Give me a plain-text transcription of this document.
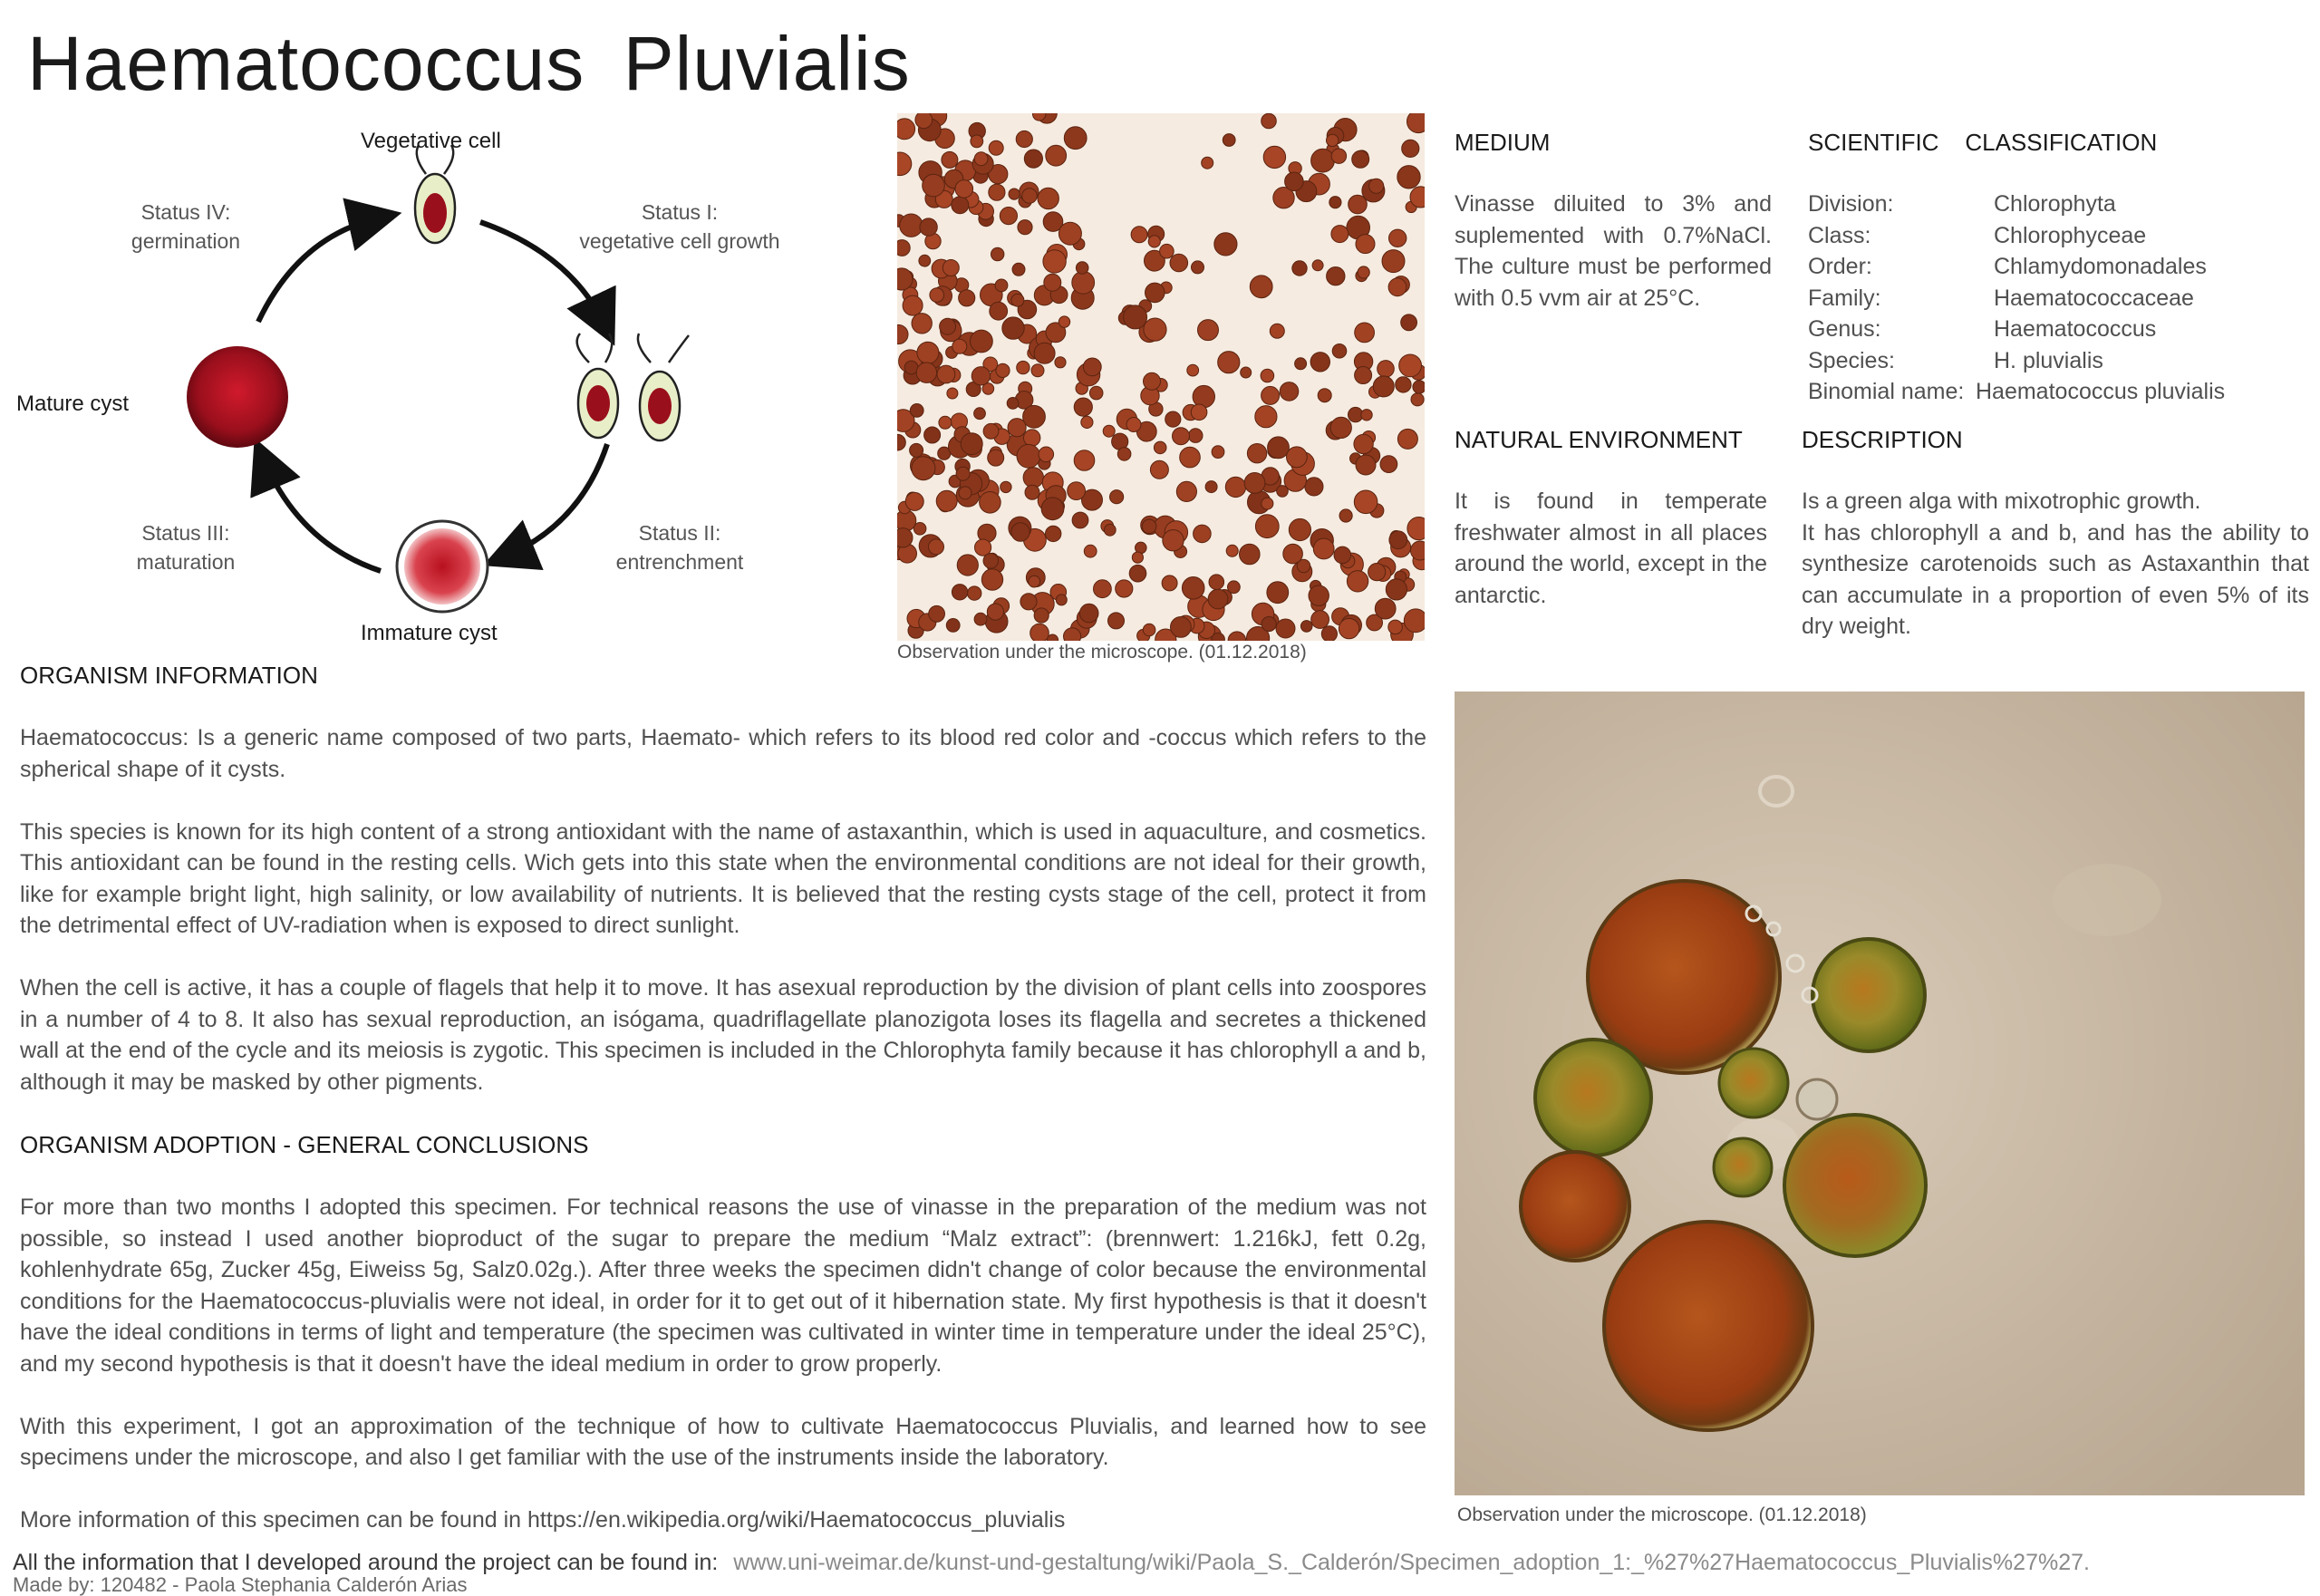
Haematococcus Pluvialis
Vegetative cell
Status I:
vegetative cell growth
Status IV:
germination
Mature cyst
Status III:
maturation
Status II:
entrenchment
Immature cyst
Observation under the microscope. (01.12.2018)
MEDIUM
Vinasse diluited to 3% and suplemented with 0.7%NaCl. The culture must be performed with 0.5 vvm air at 25°C.
SCIENTIFIC    CLASSIFICATION
Division:	Chlorophyta
Class:	Chlorophyceae
Order:	Chlamydomonadales
Family:	Haematococcaceae
Genus:	Haematococcus
Species:	H. pluvialis
Binomial name: Haematococcus pluvialis
NATURAL ENVIRONMENT
It is found in temperate freshwater almost in all places around the world, except in the antarctic.
DESCRIPTION
Is a green alga with mixotrophic growth.
It has chlorophyll a and b, and has the ability to synthesize carotenoids such as Astaxanthin that can accumulate in a proportion of even 5% of its dry weight.
Observation under the microscope. (01.12.2018)
ORGANISM INFORMATION

Haematococcus: Is a generic name composed of two parts, Haemato- which refers to its blood red color and -coccus which refers to the spherical shape of it cysts.

This species is known for its high content of a strong antioxidant with the name of astaxanthin, which is used in aquaculture, and cosmetics. This antioxidant can be found in the resting cells. Wich gets into this state when the environmental conditions are not ideal for their growth, like for example bright light, high salinity, or low availability of nutrients. It is believed that the resting cysts stage of the cell, protect it from the detrimental effect of UV-radiation when is exposed to direct sunlight.

When the cell is active, it has a couple of flagels that help it to move. It has asexual reproduction by the division of plant cells into zoospores in a number of 4 to 8. It also has sexual reproduction, an isógama, quadriflagellate planozigota loses its flagella and secretes a thickened wall at the end of the cycle and its meiosis is zygotic. This specimen is included in the Chlorophyta family because it has chlorophyll a and b, although it may be masked by other pigments.

ORGANISM ADOPTION - GENERAL CONCLUSIONS

For more than two months I adopted this specimen. For technical reasons the use of vinasse in the preparation of the medium was not possible, so instead I used another bioproduct of the sugar to prepare the medium “Malz extract”: (brennwert: 1.216kJ, fett 0.2g, kohlenhydrate 65g, Zucker 45g, Eiweiss 5g, Salz0.02g.). After three weeks the specimen didn't change of color because the environmental conditions for the Haematococcus-pluvialis were not ideal, in order for it to get out of it hibernation state. My first hypothesis is that it doesn't have the ideal conditions in terms of light and temperature (the specimen was cultivated in winter time in temperature under the ideal 25°C), and my second hypothesis is that it doesn't have the ideal medium in order to grow properly.

With this experiment, I got an approximation of the technique of how to cultivate Haematococcus Pluvialis, and learned how to see specimens under the microscope, and also I get familiar with the use of the instruments inside the laboratory.

More information of this specimen can be found in https://en.wikipedia.org/wiki/Haematococcus_pluvialis

All the information that I developed around the project can be found in: www.uni-weimar.de/kunst-und-gestaltung/wiki/Paola_S._Calderón/Specimen_adoption_1:_%27%27Haematococcus_Pluvialis%27%27.
Made by: 120482 - Paola Stephania Calderón Arias
